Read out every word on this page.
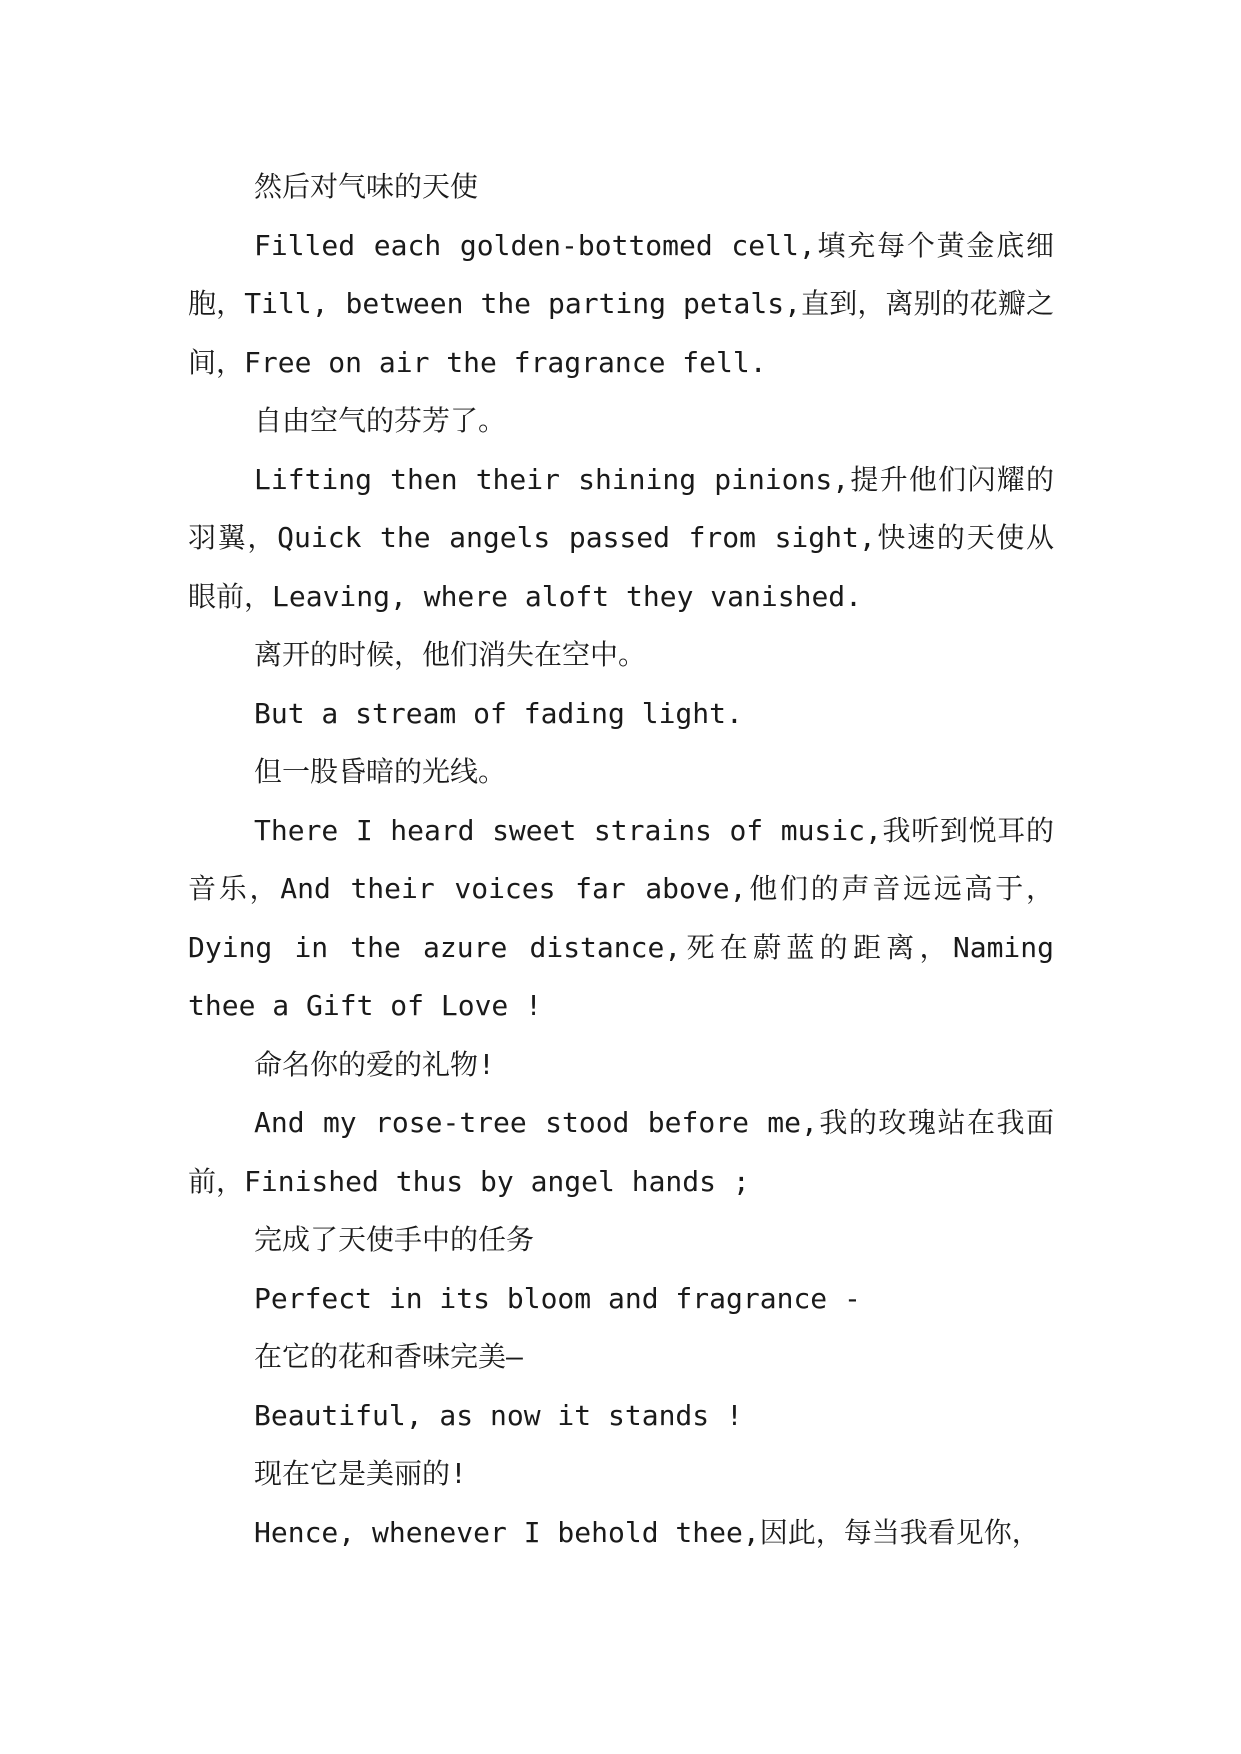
然后对气味的天使

Filled each golden-bottomed cell,填充每个黄金底细胞，Till, between the parting petals,直到，离别的花瓣之间，Free on air the fragrance fell.

自由空气的芬芳了。

Lifting then their shining pinions,提升他们闪耀的羽翼，Quick the angels passed from sight,快速的天使从眼前，Leaving, where aloft they vanished.

离开的时候，他们消失在空中。

But a stream of fading light.

但一股昏暗的光线。

There I heard sweet strains of music,我听到悦耳的音乐，And their voices far above,他们的声音远远高于，Dying in the azure distance,死在蔚蓝的距离，Naming thee a Gift of Love !

命名你的爱的礼物!

And my rose-tree stood before me,我的玫瑰站在我面前，Finished thus by angel hands ;

完成了天使手中的任务

Perfect in its bloom and fragrance -

在它的花和香味完美—

Beautiful, as now it stands !

现在它是美丽的!

Hence, whenever I behold thee,因此，每当我看见你，
